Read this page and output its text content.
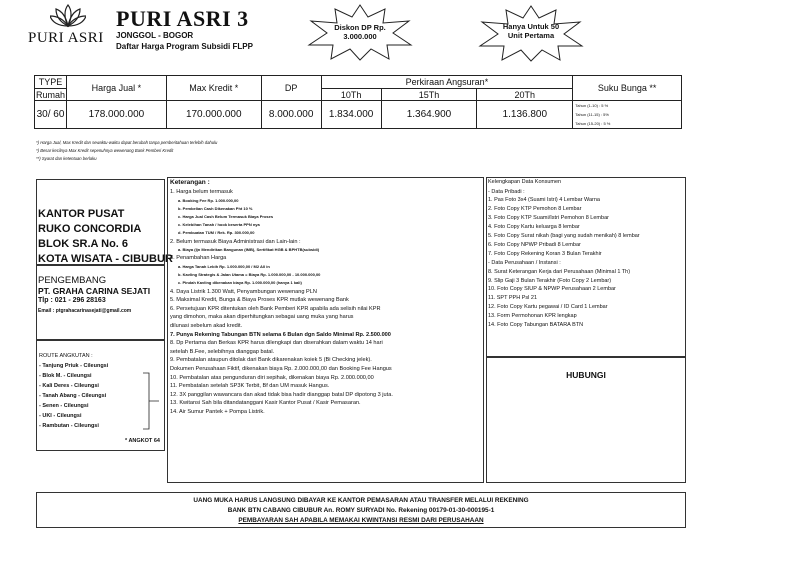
PURI ASRI
PURI ASRI 3
JONGGOL - BOGOR
Daftar Harga Program Subsidi FLPP
Diskon DP Rp. 3.000.000
Hanya Untuk 50 Unit Pertama
TYPE	Harga Jual *	Max Kredit *	DP	Perkiraan Angsuran*			Suku Bunga **
Rumah				10Th	15Th	20Th	
30/ 60	178.000.000	170.000.000	8.000.000	1.834.000	1.364.900	1.136.800	Tahun (1-10) : 5 %
Tahun (11-15) : 5%
Tahun (15-20) : 5 %
*) Harga Jual, Max Kredit dan sewaktu-waktu dapat berubah tanpa pemberitahuan terlebih dahulu
*) Besar kecilnya Max Kredit sepenuhnya wewenang Bank Pemberi Kredit
**) Syarat dan ketentuan berlaku
KANTOR PUSAT
RUKO CONCORDIA
BLOK SR.A No. 6
KOTA WISATA - CIBUBUR
PENGEMBANG
PT. GRAHA CARINA SEJATI
Tlp : 021 - 296 28163
Email : ptgrahacarinasejati@gmail.com
ROUTE ANGKUTAN :
- Tanjung Priuk - Cileungsi
- Blok M. - Cileungsi
- Kali Deres - Cileungsi
- Tanah Abang - Cileungsi
- Senen - Cileungsi
- UKI - Cileungsi
- Rambutan - Cileungsi
* ANGKOT 64
Keterangan :
1. Harga belum termasuk
a. Booking Fee Rp. 1.000.000,00
b. Pembelian Cash Dikenakan Pht 10 %
c. Harga Jual Cash Belum Termasuk Biaya Proses
c. Kelebihan Tanah / hook beserta PPN nya
d. Pembuatan TUM / Rek. Rp. 300.000,00
2. Belum termasuk Biaya Administrasi dan Lain-lain :
a. Biaya (Ijn Mendirikan Bangunan (IMB), Sertifikat HGB & BPHTB(subsidi)
3. Penambahan Harga
a. Harga Tanah Lebih Rp. 1.000.000,00 / M2 All in
b. Kavling Strategis & Jalan Utama = Biaya Rp. 1.000.000,00 - 10.000.000,00
c. Pindah Kavling dikenakan biaya Rp. 1.000.000,00 (hanya 1 kali)
4. Daya Listrik 1.300 Watt, Penyambungan wewenang PLN
5. Maksimal Kredit, Bunga & Biaya Proses KPR mutlak wewenang Bank
6. Persetujuan KPR ditentukan oleh Bank Pemberi KPR apabila ada selisih nilai KPR
yang dimohon, maka akan diperhitungkan sebagai uang muka yang harus
dilunasi sebelum akad kredit.
7. Punya Rekening Tabungan BTN selama 6 Bulan dgn Saldo Minimal Rp. 2.500.000
8. Dp Pertama dan Berkas KPR harus dilengkapi dan diserahkan dalam waktu 14 hari
setelah B.Fee, selebihnya dianggap batal.
9. Pembatalan ataupun ditolak dari Bank dikarenakan koiek 5 (Bi Checking jelek).
Dokumen Perusahaan Fiktif, dikenakan biaya Rp. 2.000.000,00 dan Booking Fee Hangus
10. Pembatalan atas pengunduran diri sepihak, dikenakan biaya Rp. 2.000.000,00
11. Pembatalan setelah SP3K Terbit, Bf dan UM masuk Hangus.
12. 3X panggilan wawancara dan akad tidak bisa hadir dianggap batal DP dipotong 3 juta.
13. Kwitansi Sah bila ditandatanggani Kasir Kantor Pusat / Kasir Pemasaran.
14. Air Sumur Pantek + Pompa Listrik.
Kelengkapan Data Konsumen
- Data Pribadi :
1. Pas Foto 3x4 (Suami Istri) 4 Lembar Warna
2. Foto Copy KTP Pemohon 8 Lembar
3. Foto Copy KTP Suami/Istri Pemohon 8 Lembar
4. Foto Copy Kartu keluarga 8 lembar
5. Foto Copy Surat nikah (bagi yang sudah menikah) 8 lembar
6. Foto Copy NPWP Pribadi 8 Lembar
7. Foto Copy Rekening Koran 3 Bulan Terakhir
- Data Perusahaan / Instansi :
8. Surat Keterangan Kerja dari Perusahaan (Minimal 1 Th)
9. Slip Gaji 3 Bulan Terakhir (Foto Copy 2 Lembar)
10. Foto Copy SIUP & NPWP Perusahaan 2 Lembar
11. SPT PPH Psl 21
12. Foto Copy Kartu pegawai / ID Card 1 Lembar
13. Form Permohonan KPR lengkap
14. Foto Copy Tabungan BATARA BTN
HUBUNGI
UANG MUKA HARUS LANGSUNG DIBAYAR KE KANTOR PEMASARAN ATAU TRANSFER MELALUI REKENING
BANK BTN CABANG CIBUBUR An. ROMY SURYADI No. Rekening 00179-01-30-000195-1
PEMBAYARAN SAH APABILA MEMAKAI KWINTANSI RESMI DARI PERUSAHAAN
